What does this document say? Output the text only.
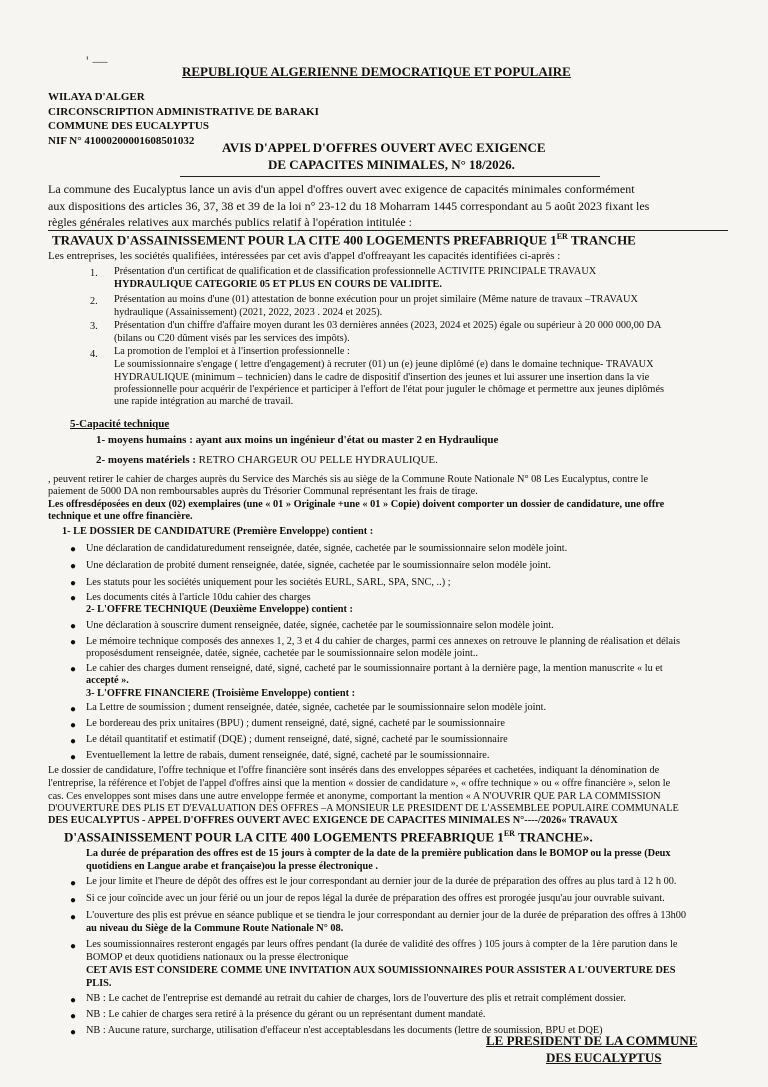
' —
REPUBLIQUE ALGERIENNE DEMOCRATIQUE ET POPULAIRE
WILAYA D'ALGER
CIRCONSCRIPTION ADMINISTRATIVE DE BARAKI
COMMUNE DES EUCALYPTUS
NIF N° 41000200001608501032 AVIS D'APPEL D'OFFRES OUVERT AVEC EXIGENCE
DE CAPACITES MINIMALES, N° 18/2026.
La commune des Eucalyptus lance un avis d'un appel d'offres ouvert avec exigence de capacités minimales conformément
aux dispositions des articles 36, 37, 38 et 39 de la loi n° 23-12 du 18 Moharram 1445 correspondant au 5 août 2023 fixant les
règles générales relatives aux marchés publics relatif à l'opération intitulée :
TRAVAUX D'ASSAINISSEMENT POUR LA CITE 400 LOGEMENTS PREFABRIQUE 1ER TRANCHE
Les entreprises, les sociétés qualifiées, intéressées par cet avis d'appel d'offreayant les capacités identifiées ci-après :
1. Présentation d'un certificat de qualification et de classification professionnelle ACTIVITE PRINCIPALE TRAVAUX
HYDRAULIQUE CATEGORIE 05 ET PLUS EN COURS DE VALIDITE.
2. Présentation au moins d'une (01) attestation de bonne exécution pour un projet similaire (Même nature de travaux –TRAVAUX
hydraulique (Assainissement) (2021, 2022, 2023 . 2024 et 2025).
3. Présentation d'un chiffre d'affaire moyen durant les 03 dernières années (2023, 2024 et 2025) égale ou supérieur à 20 000 000,00 DA
(bilans ou C20 dûment visés par les services des impôts).
4. La promotion de l'emploi et à l'insertion professionnelle :
Le soumissionnaire s'engage ( lettre d'engagement) à recruter (01) un (e) jeune diplômé (e) dans le domaine technique- TRAVAUX
HYDRAULIQUE (minimum – technicien) dans le cadre de dispositif d'insertion des jeunes et lui assurer une insertion dans la vie
professionnelle pour acquérir de l'expérience et participer à l'effort de l'état pour juguler le chômage et permettre aux jeunes diplômés
une rapide intégration au marché de travail.
5-Capacité technique
1- moyens humains : ayant aux moins un ingénieur d'état ou master 2 en Hydraulique
2- moyens matériels : RETRO CHARGEUR OU PELLE HYDRAULIQUE.
, peuvent retirer le cahier de charges auprès du Service des Marchés sis au siège de la Commune Route Nationale N° 08 Les Eucalyptus, contre le
paiement de 5000 DA non remboursables auprès du Trésorier Communal représentant les frais de tirage.
Les offresdéposées en deux (02) exemplaires (une « 01 » Originale +une « 01 » Copie) doivent comporter un dossier de candidature, une offre
technique et une offre financière.
1- LE DOSSIER DE CANDIDATURE (Première Enveloppe) contient :
● Une déclaration de candidaturedument renseignée, datée, signée, cachetée par le soumissionnaire selon modèle joint.
● Une déclaration de probité dument renseignée, datée, signée, cachetée par le soumissionnaire selon modèle joint.
● Les statuts pour les sociétés uniquement pour les sociétés EURL, SARL, SPA, SNC, ..) ;
● Les documents cités à l'article 10du cahier des charges
2- L'OFFRE TECHNIQUE (Deuxième Enveloppe) contient :
● Une déclaration à souscrire dument renseignée, datée, signée, cachetée par le soumissionnaire selon modèle joint.
● Le mémoire technique composés des annexes 1, 2, 3 et 4 du cahier de charges, parmi ces annexes on retrouve le planning de réalisation et délais
proposésdument renseignée, datée, signée, cachetée par le soumissionnaire selon modèle joint..
● Le cahier des charges dument renseigné, daté, signé, cacheté par le soumissionnaire portant à la dernière page, la mention manuscrite « lu et
accepté ».
3- L'OFFRE FINANCIERE (Troisième Enveloppe) contient :
● La Lettre de soumission ; dument renseignée, datée, signée, cachetée par le soumissionnaire selon modèle joint.
● Le bordereau des prix unitaires (BPU) ; dument renseigné, daté, signé, cacheté par le soumissionnaire
● Le détail quantitatif et estimatif (DQE) ; dument renseigné, daté, signé, cacheté par le soumissionnaire
● Eventuellement la lettre de rabais, dument renseignée, daté, signé, cacheté par le soumissionnaire.
Le dossier de candidature, l'offre technique et l'offre financière sont insérés dans des enveloppes séparées et cachetées, indiquant la dénomination de
l'entreprise, la référence et l'objet de l'appel d'offres ainsi que la mention « dossier de candidature », « offre technique » ou « offre financière », selon le
cas. Ces enveloppes sont mises dans une autre enveloppe fermée et anonyme, comportant la mention « A N'OUVRIR QUE PAR LA COMMISSION
D'OUVERTURE DES PLIS ET D'EVALUATION DES OFFRES –A MONSIEUR LE PRESIDENT DE L'ASSEMBLEE POPULAIRE COMMUNALE
DES EUCALYPTUS - APPEL D'OFFRES OUVERT AVEC EXIGENCE DE CAPACITES MINIMALES N°----/2026« TRAVAUX
D'ASSAINISSEMENT POUR LA CITE 400 LOGEMENTS PREFABRIQUE 1ER TRANCHE».
La durée de préparation des offres est de 15 jours à compter de la date de la première publication dans le BOMOP ou la presse (Deux
quotidiens en Langue arabe et française)ou la presse électronique .
● Le jour limite et l'heure de dépôt des offres est le jour correspondant au dernier jour de la durée de préparation des offres au plus tard à 12 h 00.
● Si ce jour coïncide avec un jour férié ou un jour de repos légal la durée de préparation des offres est prorogée jusqu'au jour ouvrable suivant.
● L'ouverture des plis est prévue en séance publique et se tiendra le jour correspondant au dernier jour de la durée de préparation des offres à 13h00
au niveau du Siège de la Commune Route Nationale N° 08.
● Les soumissionnaires resteront engagés par leurs offres pendant (la durée de validité des offres ) 105 jours à compter de la 1ère parution dans le
BOMOP et deux quotidiens nationaux ou la presse électronique
CET AVIS EST CONSIDERE COMME UNE INVITATION AUX SOUMISSIONNAIRES POUR ASSISTER A L'OUVERTURE DES
PLIS.
● NB : Le cachet de l'entreprise est demandé au retrait du cahier de charges, lors de l'ouverture des plis et retrait complément dossier.
● NB : Le cahier de charges sera retiré à la présence du gérant ou un représentant dument mandaté.
● NB : Aucune rature, surcharge, utilisation d'effaceur n'est acceptablesdans les documents (lettre de soumission, BPU et DQE)
LE PRESIDENT DE LA COMMUNE
DES EUCALYPTUS
